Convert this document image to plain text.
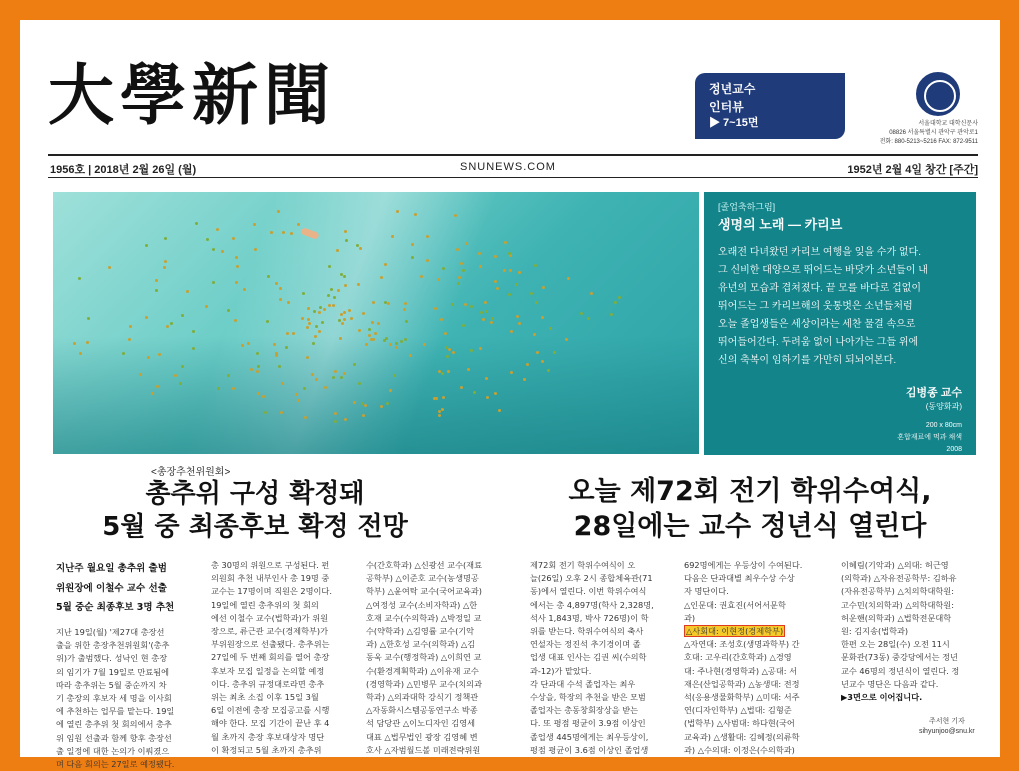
大學新聞	정년교수
인터뷰
▶ 7~15면	서울대학교 대학신문사
08826 서울특별시 관악구 관악로1
전화: 880-5213~5216 FAX: 872-9511
1956호 | 2018년 2월 26일 (월)	SNUNEWS.COM	1952년 2월 4일 창간 [주간]
[졸업축하그림]
생명의 노래 — 카리브
오래전 다녀왔던 카리브 여행을 잊을 수가 없다.
그 신비한 대양으로 뛰어드는 바닷가 소년들이 내
유년의 모습과 겹쳐졌다. 끝 모를 바다로 겁없이
뛰어드는 그 카리브해의 웃통벗은 소년들처럼
오늘 졸업생들은 세상이라는 세찬 물결 속으로
뛰어들어간다. 두려움 없이 나아가는 그들 위에
신의 축복이 임하기를 가만히 되뇌어본다.
김병종 교수
(동양화과)
200 x 80cm
혼합재료에 먹과 채색
2008
<총장추천위원회>
총추위 구성 확정돼
5월 중 최종후보 확정 전망
지난주 월요일 총추위 출범
위원장에 이철수 교수 선출
5월 중순 최종후보 3명 추천
지난 19일(월) '제27대 총장선
출을 위한 총장추천위원회'(총추
위)가 출범했다. 성낙인 현 총장
의 임기가 7월 19일로 만료됨에
따라 총추위는 5월 중순까지 차
기 총장의 후보자 세 명을 이사회
에 추천하는 업무를 맡는다. 19일
에 열린 총추위 첫 회의에서 총추
위 임원 선출과 함께 향후 총장선
출 일정에 대한 논의가 이뤄졌으
며 다음 회의는 27일로 예정됐다.
총 30명의 위원으로 구성된다. 펀
의원회 추천 내부인사 총 19명 중
교수는 17명이며 직원은 2명이다.
19일에 열린 총추위의 첫 회의
에선 이철수 교수(법학과)가 위원
장으로, 류근관 교수(경제학부)가
부위원장으로 선출됐다. 총추위는
27일에 두 번째 회의를 열어 총장
후보자 모집 일정을 논의할 예정
이다. 총추위 규정대로라면 총추
위는 최초 소집 이후 15일 3월
6일 이전에 총장 모집공고를 시행
해야 한다. 모집 기간이 끝난 후 4
월 초까지 총장 후보대상자 명단
이 확정되고 5월 초까지 총추위
수(간호학과) △신광선 교수(재료
공학부) △이준호 교수(농생명공
학부) △윤여탁 교수(국어교육과)
△여정성 교수(소비자학과) △한
호재 교수(수의학과) △박정일 교
수(약학과) △김영률 교수(기악
과) △한호성 교수(의학과) △김
동욱 교수(행정학과) △이희연 교
수(환경계획학과) △이유재 교수
(경영학과) △민병무 교수(치의과
학과) △의과대학 강식기 정책관
△자동화시스템공동연구소 박종
석 담당관 △이노디자인 김영세
대표 △법무법인 광장 김영혜 변
호사 △자범월드볼 미래전략위원
오늘 제72회 전기 학위수여식,
28일에는 교수 정년식 열린다
제72회 전기 학위수여식이 오
늘(26일) 오후 2시 종합체육관(71
동)에서 열린다. 이번 학위수여식
에서는 총 4,897명(학사 2,328명,
석사 1,843명, 박사 726명)이 학
위를 받는다. 학위수여식의 축사
연설자는 정진석 추기경이며 졸
업생 대표 인사는 김권 씨(수의학
과-12)가 맡았다.
각 단과대 수석 졸업자는 최우
수상을, 학장의 추천을 받은 모범
졸업자는 총동창회장상을 받는
다. 또 평점 평균이 3.9점 이상인
졸업생 445명에게는 최우등상이,
평점 평균이 3.6점 이상인 졸업생
692명에게는 우등상이 수여된다.
다음은 단과대별 최우수상 수상
자 명단이다.
△인문대: 권효진(서어서문학
과)
△사회대: 이현정(경제학부)
△자연대: 조성호(생명과학부) 간
호대: 고우리(간호학과) △경영
대: 주나현(경영학과) △공대: 서
재은(산업공학과) △농생대: 전정
석(응용생물화학부) △미대: 서주
연(디자인학부) △법대: 김형준
(법학부) △사범대: 하다현(국어
교육과) △생활대: 김혜정(의류학
과) △수의대: 이정은(수의학과)
이혜림(기악과) △의대: 허근영
(의학과) △자유전공학부: 김하유
(자유전공학부) △치의학대학원:
고수민(치의학과) △의학대학원:
허운핸(의학과) △법학전문대학
원: 김지송(법학과)
한편 오는 28일(수) 오전 11시
문화관(73동) 중강당에서는 정년
교수 46명의 정년식이 열린다. 정
년교수 명단은 다음과 같다.
▶3면으로 이어집니다.
주서현 기자
sihyunjoo@snu.kr
